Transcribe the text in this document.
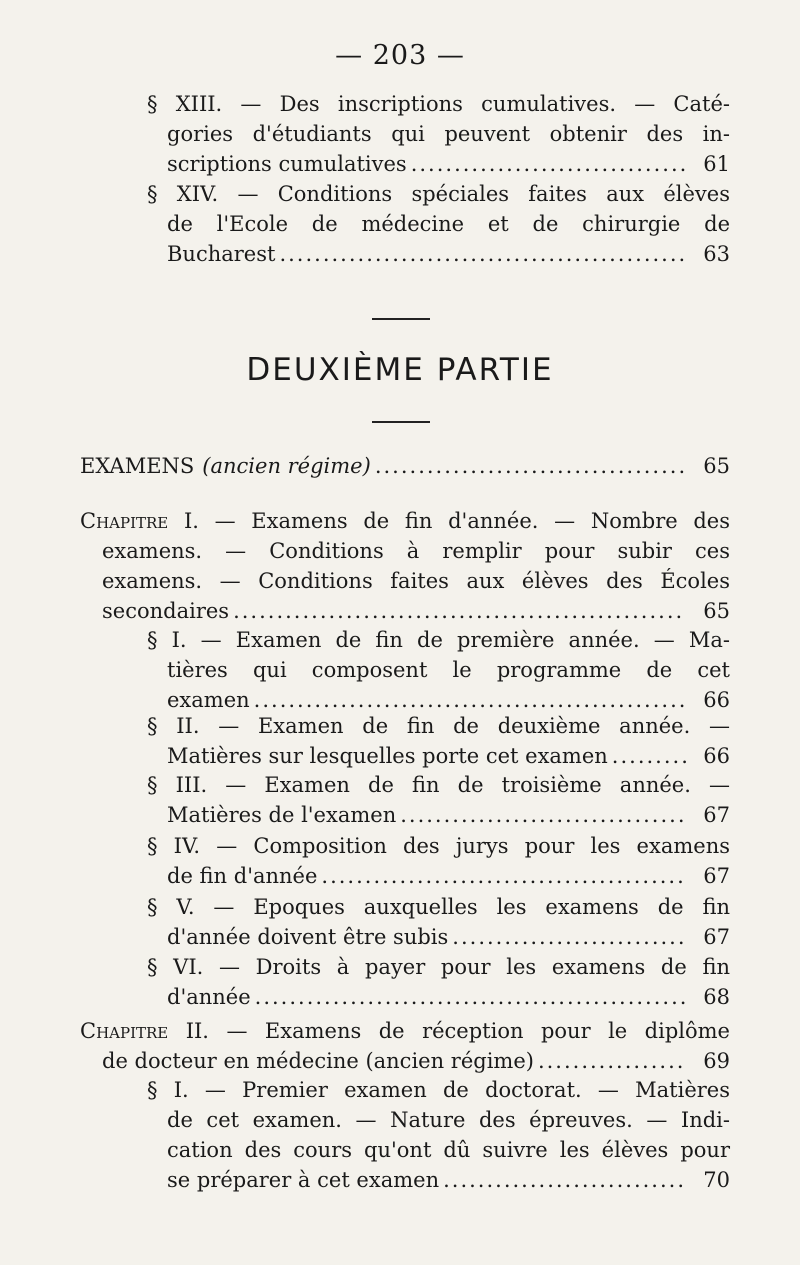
— 203 —
§ XIII. — Des inscriptions cumulatives. — Caté-
gories d'étudiants qui peuvent obtenir des in-
scriptions cumulatives .....	61
§ XIV. — Conditions spéciales faites aux élèves
de l'Ecole de médecine et de chirurgie de
Bucharest .....	63
DEUXIÈME PARTIE
EXAMENS (ancien régime) .....	65
Chapitre I. — Examens de fin d'année. — Nombre des
examens. — Conditions à remplir pour subir ces
examens. — Conditions faites aux élèves des Écoles
secondaires .....	65
§ I. — Examen de fin de première année. — Ma-
tières qui composent le programme de cet
examen .....	66
§ II. — Examen de fin de deuxième année. —
Matières sur lesquelles porte cet examen .....	66
§ III. — Examen de fin de troisième année. —
Matières de l'examen .....	67
§ IV. — Composition des jurys pour les examens
de fin d'année .....	67
§ V. — Epoques auxquelles les examens de fin
d'année doivent être subis .....	67
§ VI. — Droits à payer pour les examens de fin
d'année .....	68
Chapitre II. — Examens de réception pour le diplôme
de docteur en médecine (ancien régime) .....	69
§ I. — Premier examen de doctorat. — Matières
de cet examen. — Nature des épreuves. — Indi-
cation des cours qu'ont dû suivre les élèves pour
se préparer à cet examen .....	70
